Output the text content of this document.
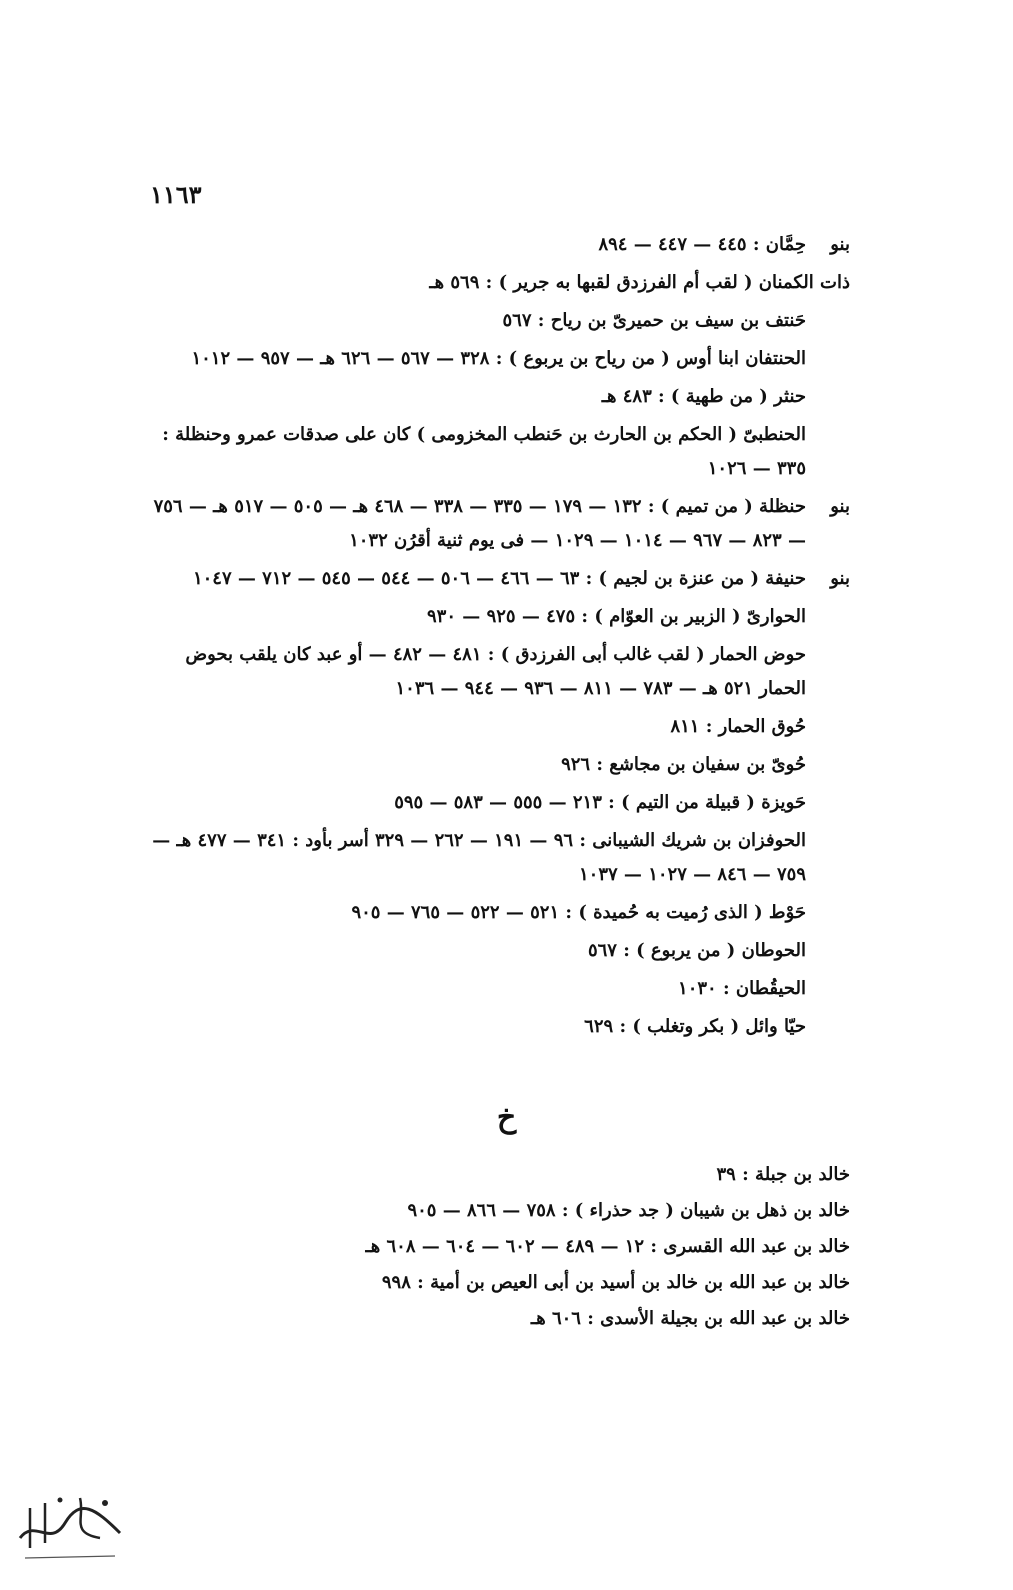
١١٦٣
بنو
حِمَّان : ٤٤٥ — ٤٤٧ — ٨٩٤
ذات الكمنان ( لقب أم الفرزدق لقبها به جرير ) : ٥٦٩ هـ
حَنتف بن سيف بن حميرىّ بن رياح : ٥٦٧
الحنتفان ابنا أوس ( من رياح بن يربوع ) : ٣٢٨ — ٥٦٧ — ٦٢٦ هـ — ٩٥٧ — ١٠١٢
حنثر ( من طهية ) : ٤٨٣ هـ
الحنطبىّ ( الحكم بن الحارث بن حَنطب المخزومى ) كان على صدقات عمرو وحنظلة : ٣٣٥ — ١٠٢٦
بنو
حنظلة ( من تميم ) : ١٣٢ — ١٧٩ — ٣٣٥ — ٣٣٨ — ٤٦٨ هـ — ٥٠٥ — ٥١٧ هـ — ٧٥٦ — ٨٢٣ — ٩٦٧ — ١٠١٤ — ١٠٢٩ — فى يوم ثنية أقرُن ١٠٣٢
بنو
حنيفة ( من عنزة بن لجيم ) : ٦٣ — ٤٦٦ — ٥٠٦ — ٥٤٤ — ٥٤٥ — ٧١٢ — ١٠٤٧
الحوارىّ ( الزبير بن العوّام ) : ٤٧٥ — ٩٢٥ — ٩٣٠
حوض الحمار ( لقب غالب أبى الفرزدق ) : ٤٨١ — ٤٨٢ — أو عبد كان يلقب بحوض الحمار ٥٢١ هـ — ٧٨٣ — ٨١١ — ٩٣٦ — ٩٤٤ — ١٠٣٦
حُوق الحمار : ٨١١
حُوىّ بن سفيان بن مجاشع : ٩٢٦
حَويزة ( قبيلة من التيم ) : ٢١٣ — ٥٥٥ — ٥٨٣ — ٥٩٥
الحوفزان بن شريك الشيبانى : ٩٦ — ١٩١ — ٢٦٢ — ٣٢٩ أسر بأود : ٣٤١ — ٤٧٧ هـ — ٧٥٩ — ٨٤٦ — ١٠٢٧ — ١٠٣٧
حَوْط ( الذى رُميت به حُميدة ) : ٥٢١ — ٥٢٢ — ٧٦٥ — ٩٠٥
الحوطان ( من يربوع ) : ٥٦٧
الحيقُطان : ١٠٣٠
حيّا وائل ( بكر وتغلب ) : ٦٢٩
خ
خالد بن جبلة : ٣٩
خالد بن ذهل بن شيبان ( جد حذراء ) : ٧٥٨ — ٨٦٦ — ٩٠٥
خالد بن عبد الله القسرى : ١٢ — ٤٨٩ — ٦٠٢ — ٦٠٤ — ٦٠٨ هـ
خالد بن عبد الله بن خالد بن أسيد بن أبى العيص بن أمية : ٩٩٨
خالد بن عبد الله بن بجيلة الأسدى : ٦٠٦ هـ
